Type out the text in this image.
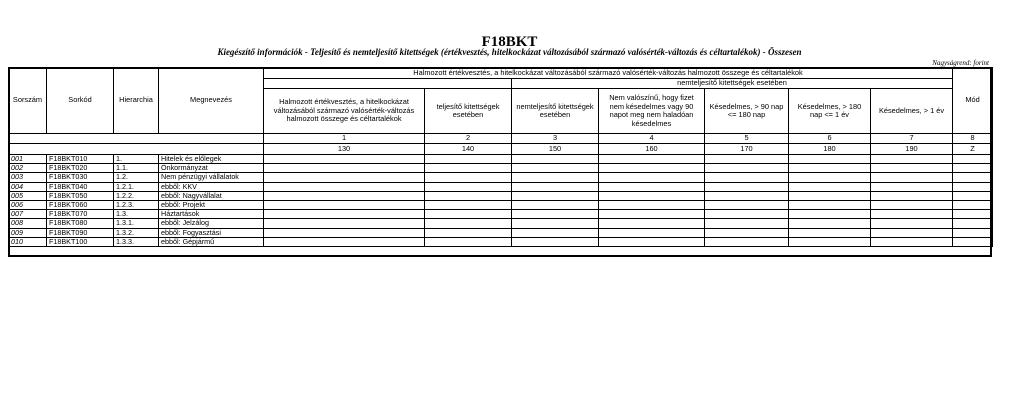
F18BKT
Kiegészítő információk - Teljesítő és nemteljesítő kitettségek (értékvesztés, hitelkockázat változásából származó valósérték-változás és céltartalékok) - Összesen
Nagyságrend: forint
Sorszám	Sorkód	Hierarchia	Megnevezés	Halmozott értékvesztés, a hitelkockázat változásából származó valósérték-változás halmozott összege és céltartalékok							Mód
						nemteljesítő kitettségek esetében					
				Halmozott értékvesztés, a hitelkockázat változásából származó valósérték-változás halmozott összege és céltartalékok	teljesítő kitettségek esetében	nemteljesítő kitettségek esetében	Nem valószínű, hogy fizet nem késedelmes vagy 90 napot meg nem haladóan késedelmes	Késedelmes, > 90 nap <= 180 nap	Késedelmes, > 180 nap <= 1 év	Késedelmes, > 1 év	
				1	2	3	4	5	6	7	8
				130	140	150	160	170	180	190	Z
001	F18BKT010	1.	Hitelek és előlegek								
002	F18BKT020	1.1.	Önkormányzat								
003	F18BKT030	1.2.	Nem pénzügyi vállalatok								
004	F18BKT040	1.2.1.	ebből: KKV								
005	F18BKT050	1.2.2.	ebből: Nagyvállalat								
006	F18BKT060	1.2.3.	ebből: Projekt								
007	F18BKT070	1.3.	Háztartások								
008	F18BKT080	1.3.1.	ebből: Jelzálog								
009	F18BKT090	1.3.2.	ebből: Fogyasztási								
010	F18BKT100	1.3.3.	ebből: Gépjármű								
